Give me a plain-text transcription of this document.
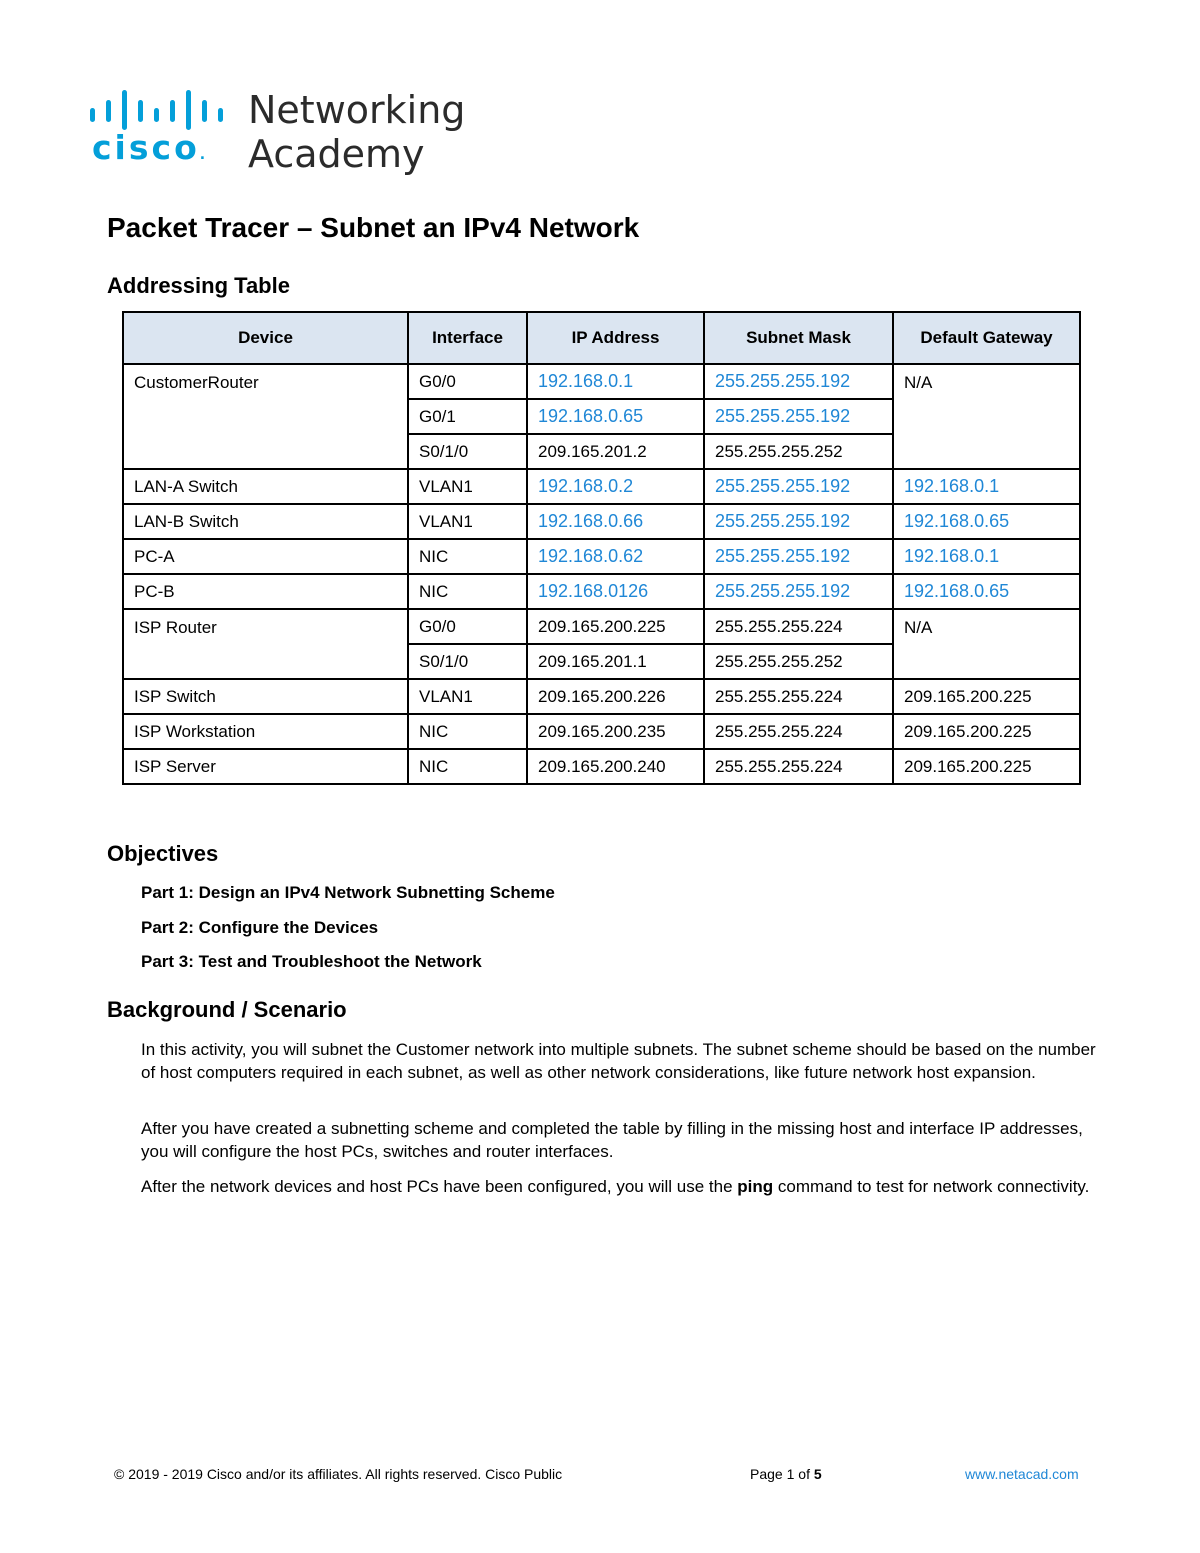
cisco.
Networking
Academy
Packet Tracer – Subnet an IPv4 Network
Addressing Table
Device	Interface	IP Address	Subnet Mask	Default Gateway
CustomerRouter	G0/0	192.168.0.1	255.255.255.192	N/A
	G0/1	192.168.0.65	255.255.255.192	
	S0/1/0	209.165.201.2	255.255.255.252	
LAN-A Switch	VLAN1	192.168.0.2	255.255.255.192	192.168.0.1
LAN-B Switch	VLAN1	192.168.0.66	255.255.255.192	192.168.0.65
PC-A	NIC	192.168.0.62	255.255.255.192	192.168.0.1
PC-B	NIC	192.168.0126	255.255.255.192	192.168.0.65
ISP Router	G0/0	209.165.200.225	255.255.255.224	N/A
	S0/1/0	209.165.201.1	255.255.255.252	
ISP Switch	VLAN1	209.165.200.226	255.255.255.224	209.165.200.225
ISP Workstation	NIC	209.165.200.235	255.255.255.224	209.165.200.225
ISP Server	NIC	209.165.200.240	255.255.255.224	209.165.200.225
Objectives

Part 1: Design an IPv4 Network Subnetting Scheme

Part 2: Configure the Devices

Part 3: Test and Troubleshoot the Network

Background / Scenario

In this activity, you will subnet the Customer network into multiple subnets. The subnet scheme should be based on the number of host computers required in each subnet, as well as other network considerations, like future network host expansion.

After you have created a subnetting scheme and completed the table by filling in the missing host and interface IP addresses, you will configure the host PCs, switches and router interfaces.

After the network devices and host PCs have been configured, you will use the ping command to test for network connectivity.

© 2019 - 2019 Cisco and/or its affiliates. All rights reserved. Cisco Public	Page 1 of 5	www.netacad.com
